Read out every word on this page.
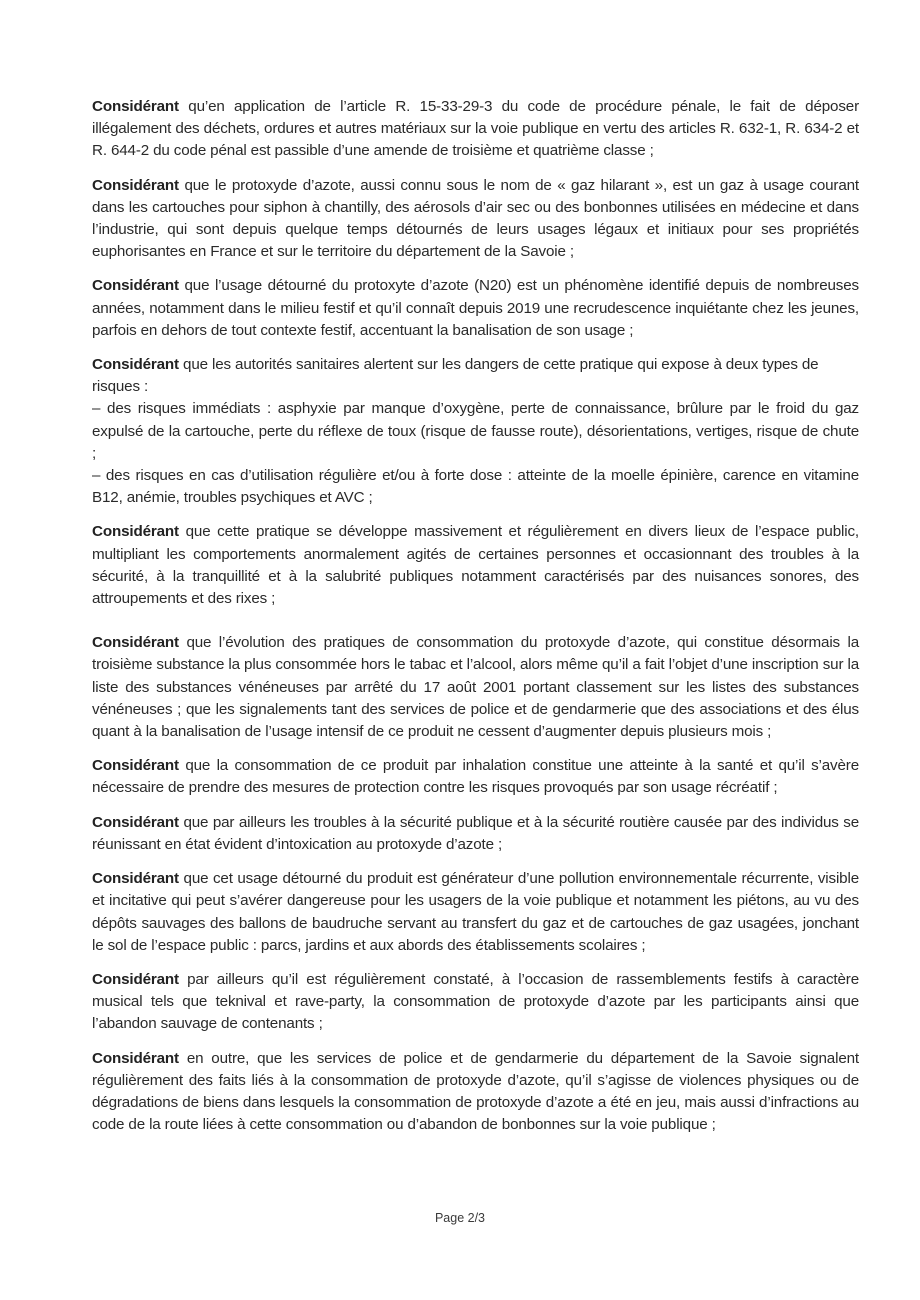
Considérant qu’en application de l’article R. 15-33-29-3 du code de procédure pénale, le fait de déposer illégalement des déchets, ordures et autres matériaux sur la voie publique en vertu des articles R. 632-1, R. 634-2 et R. 644-2 du code pénal est passible d’une amende de troisième et quatrième classe ;

Considérant que le protoxyde d’azote, aussi connu sous le nom de « gaz hilarant », est un gaz à usage courant dans les cartouches pour siphon à chantilly, des aérosols d’air sec ou des bonbonnes utilisées en médecine et dans l’industrie, qui sont depuis quelque temps détournés de leurs usages légaux et initiaux pour ses propriétés euphorisantes en France et sur le territoire du département de la Savoie ;

Considérant que l’usage détourné du protoxyte d’azote (N20) est un phénomène identifié depuis de nombreuses années, notamment dans le milieu festif et qu’il connaît depuis 2019 une recrudescence inquiétante chez les jeunes, parfois en dehors de tout contexte festif, accentuant la banalisation de son usage ;

Considérant que les autorités sanitaires alertent sur les dangers de cette pratique qui expose à deux types de risques :
– des risques immédiats : asphyxie par manque d’oxygène, perte de connaissance, brûlure par le froid du gaz expulsé de la cartouche, perte du réflexe de toux (risque de fausse route), désorientations, vertiges, risque de chute ;
– des risques en cas d’utilisation régulière et/ou à forte dose : atteinte de la moelle épinière, carence en vitamine B12, anémie, troubles psychiques et AVC ;

Considérant que cette pratique se développe massivement et régulièrement en divers lieux de l’espace public, multipliant les comportements anormalement agités de certaines personnes et occasionnant des troubles à la sécurité, à la tranquillité et à la salubrité publiques notamment caractérisés par des nuisances sonores, des attroupements et des rixes ;

Considérant que l’évolution des pratiques de consommation du protoxyde d’azote, qui constitue désormais la troisième substance la plus consommée hors le tabac et l’alcool, alors même qu’il a fait l’objet d’une inscription sur la liste des substances vénéneuses par arrêté du 17 août 2001 portant classement sur les listes des substances vénéneuses ; que les signalements tant des services de police et de gendarmerie que des associations et des élus quant à la banalisation de l’usage intensif de ce produit ne cessent d’augmenter depuis plusieurs mois ;

Considérant que la consommation de ce produit par inhalation constitue une atteinte à la santé et qu’il s’avère nécessaire de prendre des mesures de protection contre les risques provoqués par son usage récréatif ;

Considérant que par ailleurs les troubles à la sécurité publique et à la sécurité routière causée par des individus se réunissant en état évident d’intoxication au protoxyde d’azote ;

Considérant que cet usage détourné du produit est générateur d’une pollution environnementale récurrente, visible et incitative qui peut s’avérer dangereuse pour les usagers de la voie publique et notamment les piétons, au vu des dépôts sauvages des ballons de baudruche servant au transfert du gaz et de cartouches de gaz usagées, jonchant le sol de l’espace public : parcs, jardins et aux abords des établissements scolaires ;

Considérant par ailleurs qu’il est régulièrement constaté, à l’occasion de rassemblements festifs à caractère musical tels que teknival et rave-party, la consommation de protoxyde d’azote par les participants ainsi que l’abandon sauvage de contenants ;

Considérant en outre, que les services de police et de gendarmerie du département de la Savoie signalent régulièrement des faits liés à la consommation de protoxyde d’azote, qu’il s’agisse de violences physiques ou de dégradations de biens dans lesquels la consommation de protoxyde d’azote a été en jeu, mais aussi d’infractions au code de la route liées à cette consommation ou d’abandon de bonbonnes sur la voie publique ;

Page 2/3
